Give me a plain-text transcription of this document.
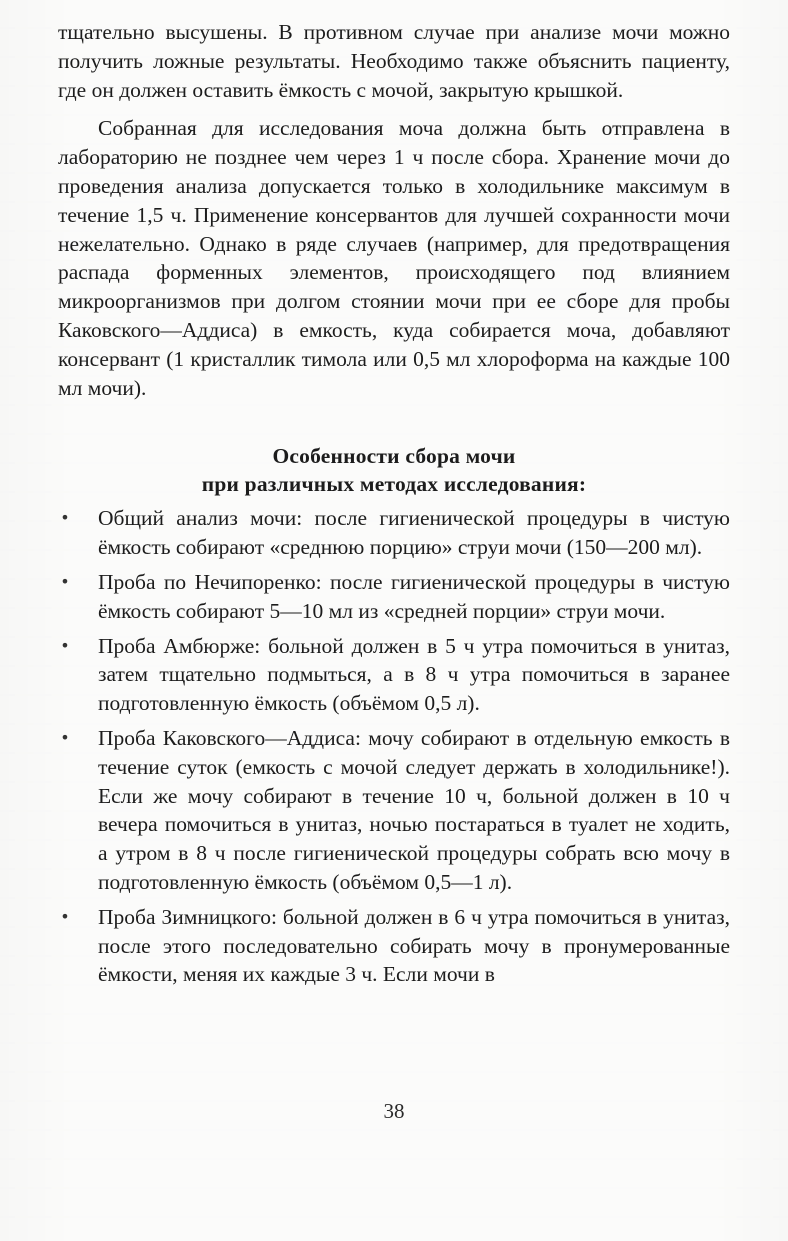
тщательно высушены. В противном случае при анализе мочи можно получить ложные результаты. Необходимо также объяснить пациенту, где он должен оставить ёмкость с мочой, закрытую крышкой.

Собранная для исследования моча должна быть отправлена в лабораторию не позднее чем через 1 ч после сбора. Хранение мочи до проведения анализа допускается только в холодильнике максимум в течение 1,5 ч. Применение консервантов для лучшей сохранности мочи нежелательно. Однако в ряде случаев (например, для предотвращения распада форменных элементов, происходящего под влиянием микроорганизмов при долгом стоянии мочи при ее сборе для пробы Каковского—Аддиса) в емкость, куда собирается моча, добавляют консервант (1 кристаллик тимола или 0,5 мл хлороформа на каждые 100 мл мочи).

Особенности сбора мочи
при различных методах исследования:
• Общий анализ мочи: после гигиенической процедуры в чистую ёмкость собирают «среднюю порцию» струи мочи (150—200 мл).
• Проба по Нечипоренко: после гигиенической процедуры в чистую ёмкость собирают 5—10 мл из «средней порции» струи мочи.
• Проба Амбюрже: больной должен в 5 ч утра помочиться в унитаз, затем тщательно подмыться, а в 8 ч утра помочиться в заранее подготовленную ёмкость (объёмом 0,5 л).
• Проба Каковского—Аддиса: мочу собирают в отдельную емкость в течение суток (емкость с мочой следует держать в холодильнике!). Если же мочу собирают в течение 10 ч, больной должен в 10 ч вечера помочиться в унитаз, ночью постараться в туалет не ходить, а утром в 8 ч после гигиенической процедуры собрать всю мочу в подготовленную ёмкость (объёмом 0,5—1 л).
• Проба Зимницкого: больной должен в 6 ч утра помочиться в унитаз, после этого последовательно собирать мочу в пронумерованные ёмкости, меняя их каждые 3 ч. Если мочи в
38
